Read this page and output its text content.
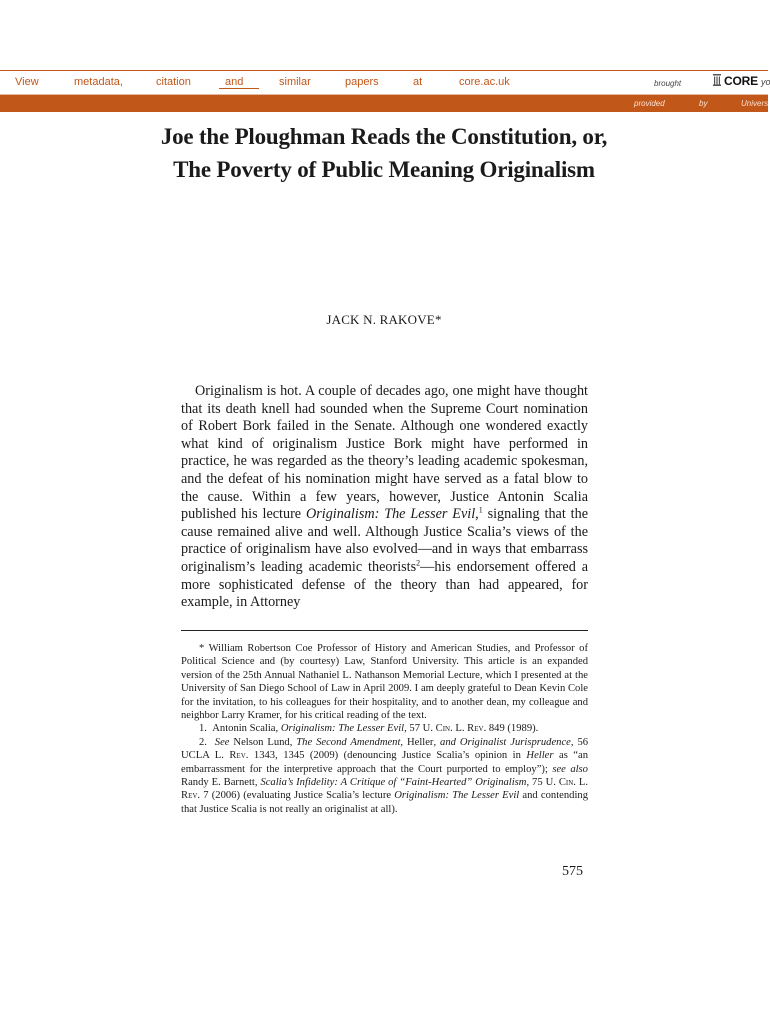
View	metadata,	citation	and	similar	papers	at	core.ac.uk	brought	CORE yo
provided	by	Univers
Joe the Ploughman Reads the Constitution, or, The Poverty of Public Meaning Originalism
JACK N. RAKOVE*

Originalism is hot. A couple of decades ago, one might have thought that its death knell had sounded when the Supreme Court nomination of Robert Bork failed in the Senate. Although one wondered exactly what kind of originalism Justice Bork might have performed in practice, he was regarded as the theory’s leading academic spokesman, and the defeat of his nomination might have served as a fatal blow to the cause. Within a few years, however, Justice Antonin Scalia published his lecture Originalism: The Lesser Evil,$^1$ signaling that the cause remained alive and well. Although Justice Scalia’s views of the practice of originalism have also evolved—and in ways that embarrass originalism’s leading academic theorists$^2$—his endorsement offered a more sophisticated defense of the theory than had appeared, for example, in Attorney

* William Robertson Coe Professor of History and American Studies, and Professor of Political Science and (by courtesy) Law, Stanford University. This article is an expanded version of the 25th Annual Nathaniel L. Nathanson Memorial Lecture, which I presented at the University of San Diego School of Law in April 2009. I am deeply grateful to Dean Kevin Cole for the invitation, to his colleagues for their hospitality, and to another dean, my colleague and neighbor Larry Kramer, for his critical reading of the text.

1. Antonin Scalia, Originalism: The Lesser Evil, 57 U. Cin. L. Rev. 849 (1989).

2. See Nelson Lund, The Second Amendment, Heller, and Originalist Jurisprudence, 56 UCLA L. Rev. 1343, 1345 (2009) (denouncing Justice Scalia’s opinion in Heller as “an embarrassment for the interpretive approach that the Court purported to employ”); see also Randy E. Barnett, Scalia’s Infidelity: A Critique of “Faint-Hearted” Originalism, 75 U. Cin. L. Rev. 7 (2006) (evaluating Justice Scalia’s lecture Originalism: The Lesser Evil and contending that Justice Scalia is not really an originalist at all).

575
